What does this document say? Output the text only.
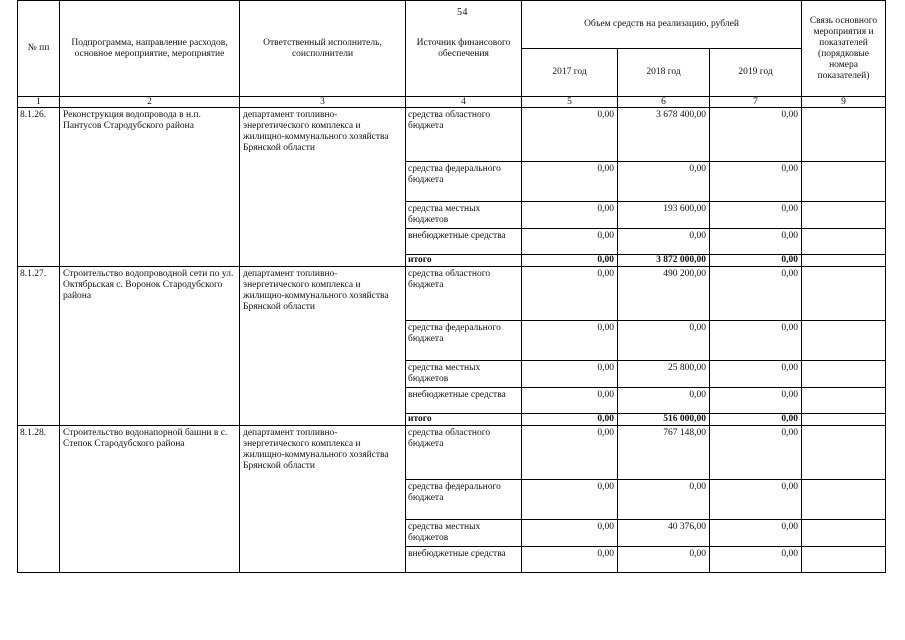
№ пп	Подпрограмма, направление расходов, основное мероприятие, мероприятие	Ответственный исполнитель, соисполнители	Источник финансового обеспечения	Объем средств на реализацию, рублей			Связь основного мероприятия и показателей (порядковые номера показателей)
				2017 год	2018 год	2019 год	
1	2	3	4	5	6	7	9
8.1.26.	Реконструкция водопровода в н.п. Пантусов Стародубского района	департамент топливно-энергетического комплекса и жилищно-коммунального хозяйства Брянской области	средства областного бюджета	0,00	3 678 400,00	0,00	
			средства федерального бюджета	0,00	0,00	0,00	
			средства местных бюджетов	0,00	193 600,00	0,00	
			внебюджетные средства	0,00	0,00	0,00	
			итого	0,00	3 872 000,00	0,00	
8.1.27.	Строительство водопроводной сети по ул. Октябрьская с. Воронок Стародубского района	департамент топливно-энергетического комплекса и жилищно-коммунального хозяйства Брянской области	средства областного бюджета	0,00	490 200,00	0,00	
			средства федерального бюджета	0,00	0,00	0,00	
			средства местных бюджетов	0,00	25 800,00	0,00	
			внебюджетные средства	0,00	0,00	0,00	
			итого	0,00	516 000,00	0,00	
8.1.28.	Строительство водонапорной башни в с. Степок Стародубского района	департамент топливно-энергетического комплекса и жилищно-коммунального хозяйства Брянской области	средства областного бюджета	0,00	767 148,00	0,00	
			средства федерального бюджета	0,00	0,00	0,00	
			средства местных бюджетов	0,00	40 376,00	0,00	
			внебюджетные средства	0,00	0,00	0,00	
54
